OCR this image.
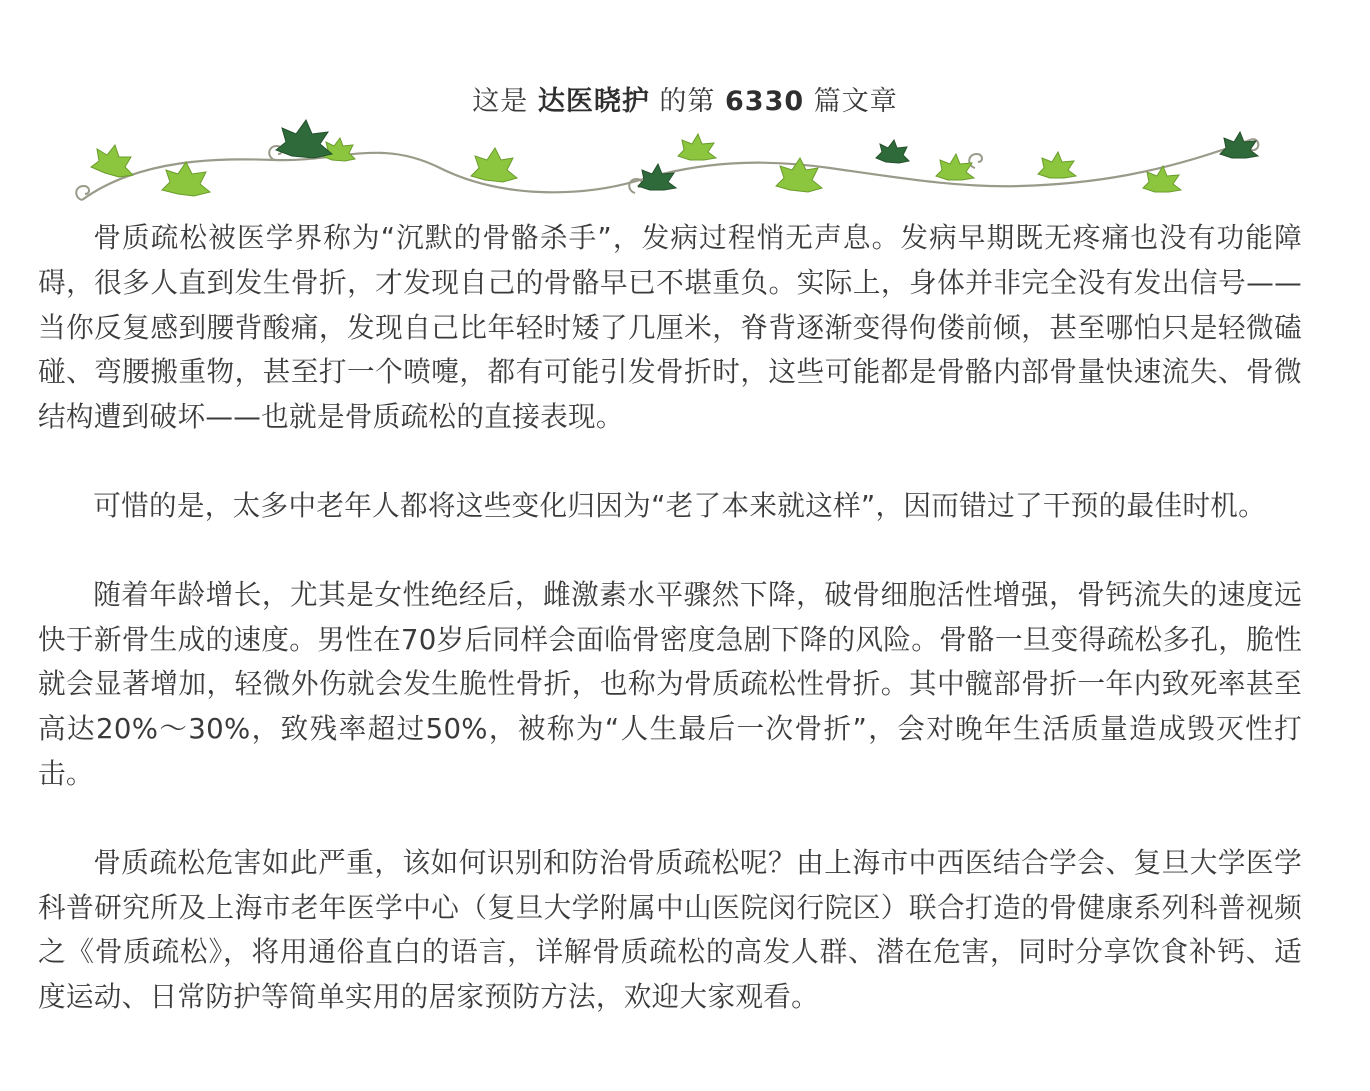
这是 达医晓护 的第 6330 篇文章

骨质疏松被医学界称为“沉默的骨骼杀手”，发病过程悄无声息。发病早期既无疼痛也没有功能障碍，很多人直到发生骨折，才发现自己的骨骼早已不堪重负。实际上，身体并非完全没有发出信号——当你反复感到腰背酸痛，发现自己比年轻时矮了几厘米，脊背逐渐变得佝偻前倾，甚至哪怕只是轻微磕碰、弯腰搬重物，甚至打一个喷嚏，都有可能引发骨折时，这些可能都是骨骼内部骨量快速流失、骨微结构遭到破坏——也就是骨质疏松的直接表现。

可惜的是，太多中老年人都将这些变化归因为“老了本来就这样”，因而错过了干预的最佳时机。

随着年龄增长，尤其是女性绝经后，雌激素水平骤然下降，破骨细胞活性增强，骨钙流失的速度远快于新骨生成的速度。男性在70岁后同样会面临骨密度急剧下降的风险。骨骼一旦变得疏松多孔，脆性就会显著增加，轻微外伤就会发生脆性骨折，也称为骨质疏松性骨折。其中髋部骨折一年内致死率甚至高达20%～30%，致残率超过50%，被称为“人生最后一次骨折”，会对晚年生活质量造成毁灭性打击。

骨质疏松危害如此严重，该如何识别和防治骨质疏松呢？由上海市中西医结合学会、复旦大学医学科普研究所及上海市老年医学中心（复旦大学附属中山医院闵行院区）联合打造的骨健康系列科普视频之《骨质疏松》，将用通俗直白的语言，详解骨质疏松的高发人群、潜在危害，同时分享饮食补钙、适度运动、日常防护等简单实用的居家预防方法，欢迎大家观看。
